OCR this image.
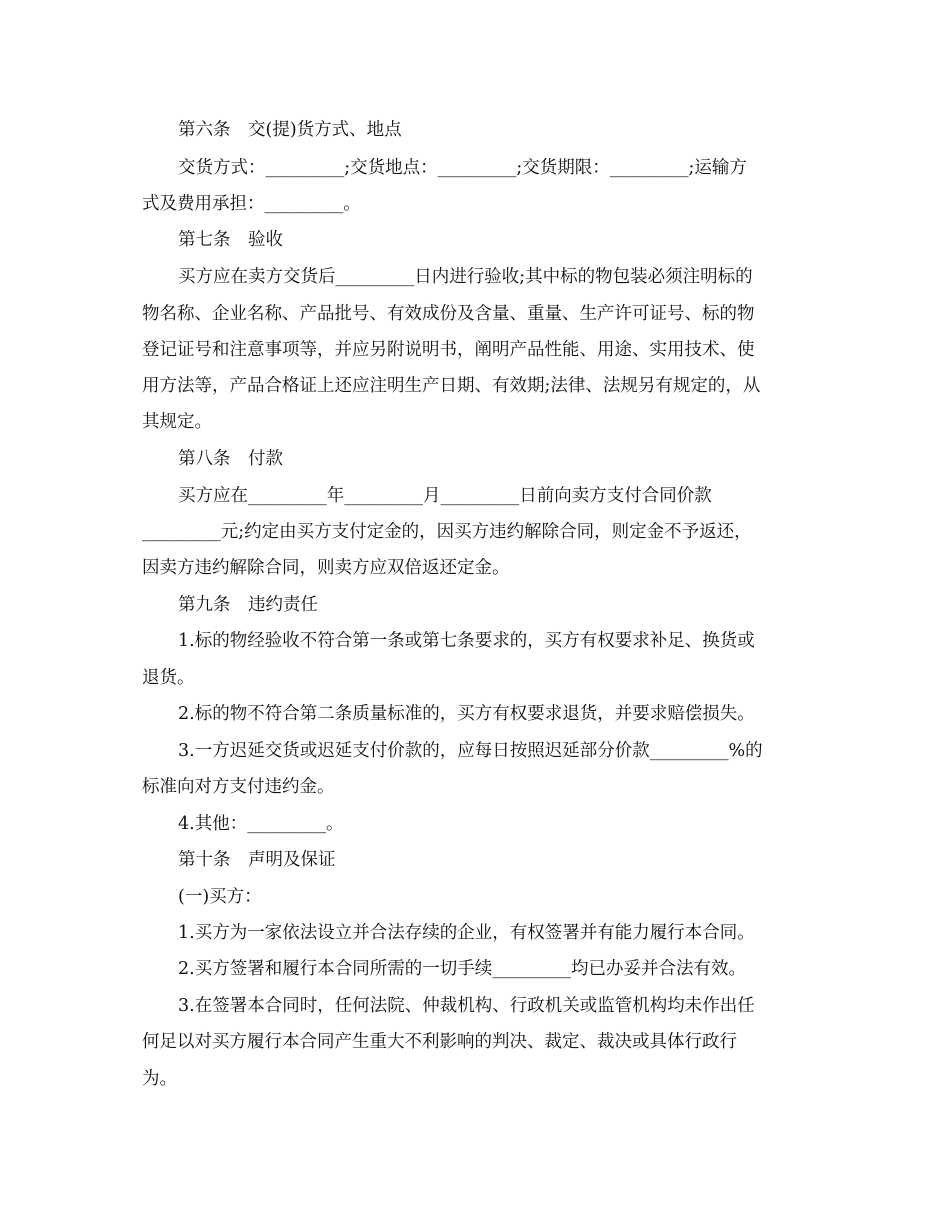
第六条　交(提)货方式、地点
交货方式：_________;交货地点：_________;交货期限：_________;运输方
式及费用承担：_________。
第七条　验收
买方应在卖方交货后_________日内进行验收;其中标的物包装必须注明标的
物名称、企业名称、产品批号、有效成份及含量、重量、生产许可证号、标的物
登记证号和注意事项等，并应另附说明书，阐明产品性能、用途、实用技术、使
用方法等，产品合格证上还应注明生产日期、有效期;法律、法规另有规定的，从
其规定。
第八条　付款
买方应在_________年_________月_________日前向卖方支付合同价款
_________元;约定由买方支付定金的，因买方违约解除合同，则定金不予返还，
因卖方违约解除合同，则卖方应双倍返还定金。
第九条　违约责任
1.标的物经验收不符合第一条或第七条要求的，买方有权要求补足、换货或
退货。
2.标的物不符合第二条质量标准的，买方有权要求退货，并要求赔偿损失。
3.一方迟延交货或迟延支付价款的，应每日按照迟延部分价款_________%的
标准向对方支付违约金。
4.其他：_________。
第十条　声明及保证
(一)买方：
1.买方为一家依法设立并合法存续的企业，有权签署并有能力履行本合同。
2.买方签署和履行本合同所需的一切手续_________均已办妥并合法有效。
3.在签署本合同时，任何法院、仲裁机构、行政机关或监管机构均未作出任
何足以对买方履行本合同产生重大不利影响的判决、裁定、裁决或具体行政行
为。
